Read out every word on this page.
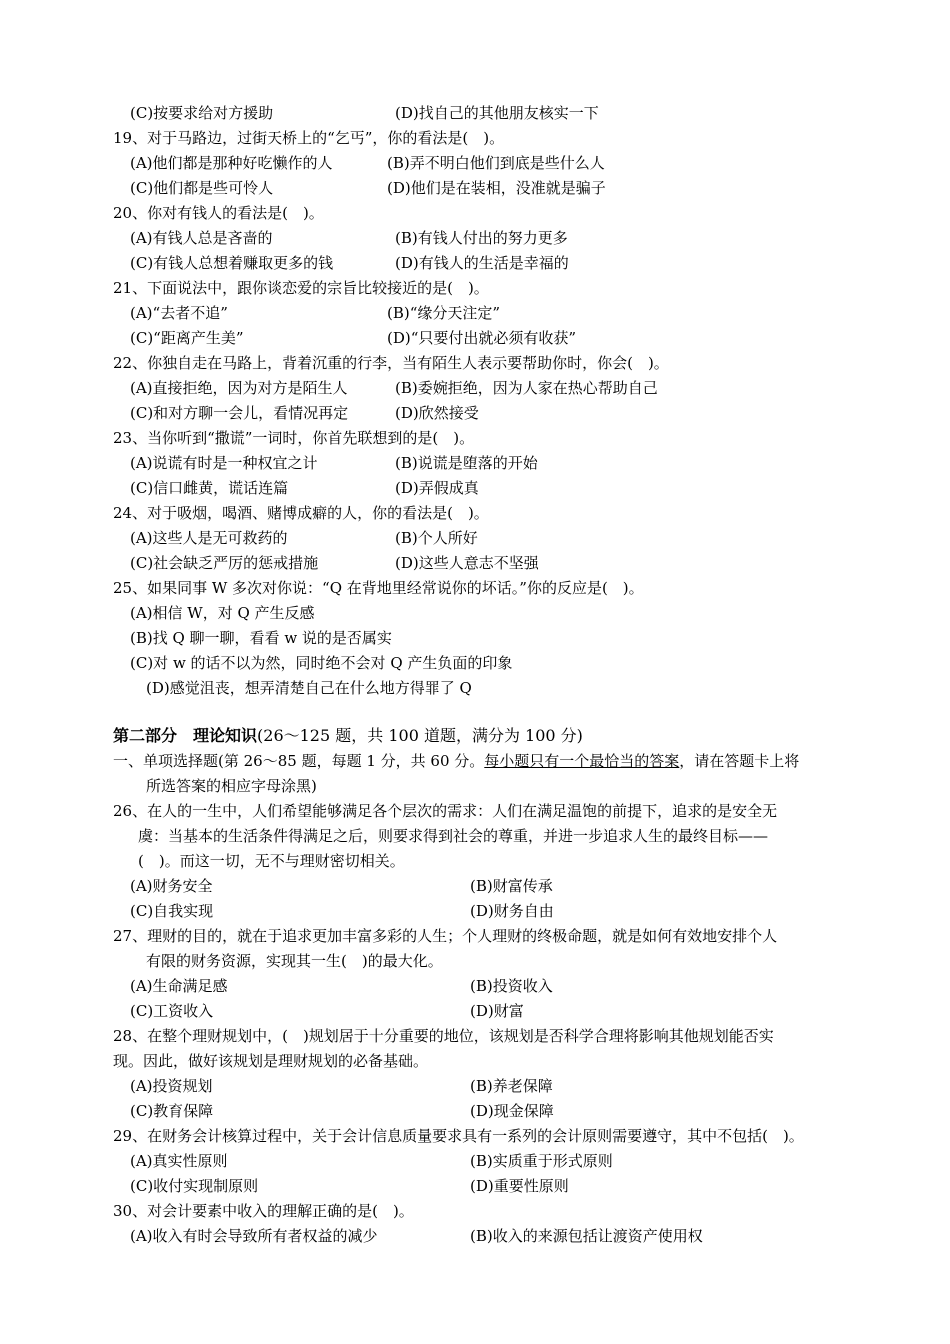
(C)按要求给对方援助	(D)找自己的其他朋友核实一下
19、对于马路边，过街天桥上的“乞丐”，你的看法是(　)。
(A)他们都是那种好吃懒作的人	(B)弄不明白他们到底是些什么人
(C)他们都是些可怜人	(D)他们是在装相，没准就是骗子
20、你对有钱人的看法是(　)。
(A)有钱人总是吝啬的	(B)有钱人付出的努力更多
(C)有钱人总想着赚取更多的钱	(D)有钱人的生活是幸福的
21、下面说法中，跟你谈恋爱的宗旨比较接近的是(　)。
(A)“去者不追”	(B)“缘分天注定”
(C)“距离产生美”	(D)“只要付出就必须有收获”
22、你独自走在马路上，背着沉重的行李，当有陌生人表示要帮助你时，你会(　)。
(A)直接拒绝，因为对方是陌生人	(B)委婉拒绝，因为人家在热心帮助自己
(C)和对方聊一会儿，看情况再定	(D)欣然接受
23、当你听到“撒谎”一词时，你首先联想到的是(　)。
(A)说谎有时是一种权宜之计	(B)说谎是堕落的开始
(C)信口雌黄，谎话连篇	(D)弄假成真
24、对于吸烟，喝酒、赌博成癖的人，你的看法是(　)。
(A)这些人是无可救药的	(B)个人所好
(C)社会缺乏严厉的惩戒措施	(D)这些人意志不坚强
25、如果同事 W 多次对你说：“Q 在背地里经常说你的坏话。”你的反应是(　)。
(A)相信 W，对 Q 产生反感
(B)找 Q 聊一聊，看看 w 说的是否属实
(C)对 w 的话不以为然，同时绝不会对 Q 产生负面的印象
(D)感觉沮丧，想弄清楚自己在什么地方得罪了 Q
第二部分　理论知识(26～125 题，共 100 道题，满分为 100 分)
一、单项选择题(第 26～85 题，每题 1 分，共 60 分。每小题只有一个最恰当的答案，请在答题卡上将
所选答案的相应字母涂黑)
26、在人的一生中，人们希望能够满足各个层次的需求：人们在满足温饱的前提下，追求的是安全无
虞：当基本的生活条件得满足之后，则要求得到社会的尊重，并进一步追求人生的最终目标——
(　)。而这一切，无不与理财密切相关。
(A)财务安全	(B)财富传承
(C)自我实现	(D)财务自由
27、理财的目的，就在于追求更加丰富多彩的人生；个人理财的终极命题，就是如何有效地安排个人
有限的财务资源，实现其一生(　)的最大化。
(A)生命满足感	(B)投资收入
(C)工资收入	(D)财富
28、在整个理财规划中，(　)规划居于十分重要的地位，该规划是否科学合理将影响其他规划能否实
现。因此，做好该规划是理财规划的必备基础。
(A)投资规划	(B)养老保障
(C)教育保障	(D)现金保障
29、在财务会计核算过程中，关于会计信息质量要求具有一系列的会计原则需要遵守，其中不包括(　)。
(A)真实性原则	(B)实质重于形式原则
(C)收付实现制原则	(D)重要性原则
30、对会计要素中收入的理解正确的是(　)。
(A)收入有时会导致所有者权益的减少	(B)收入的来源包括让渡资产使用权
